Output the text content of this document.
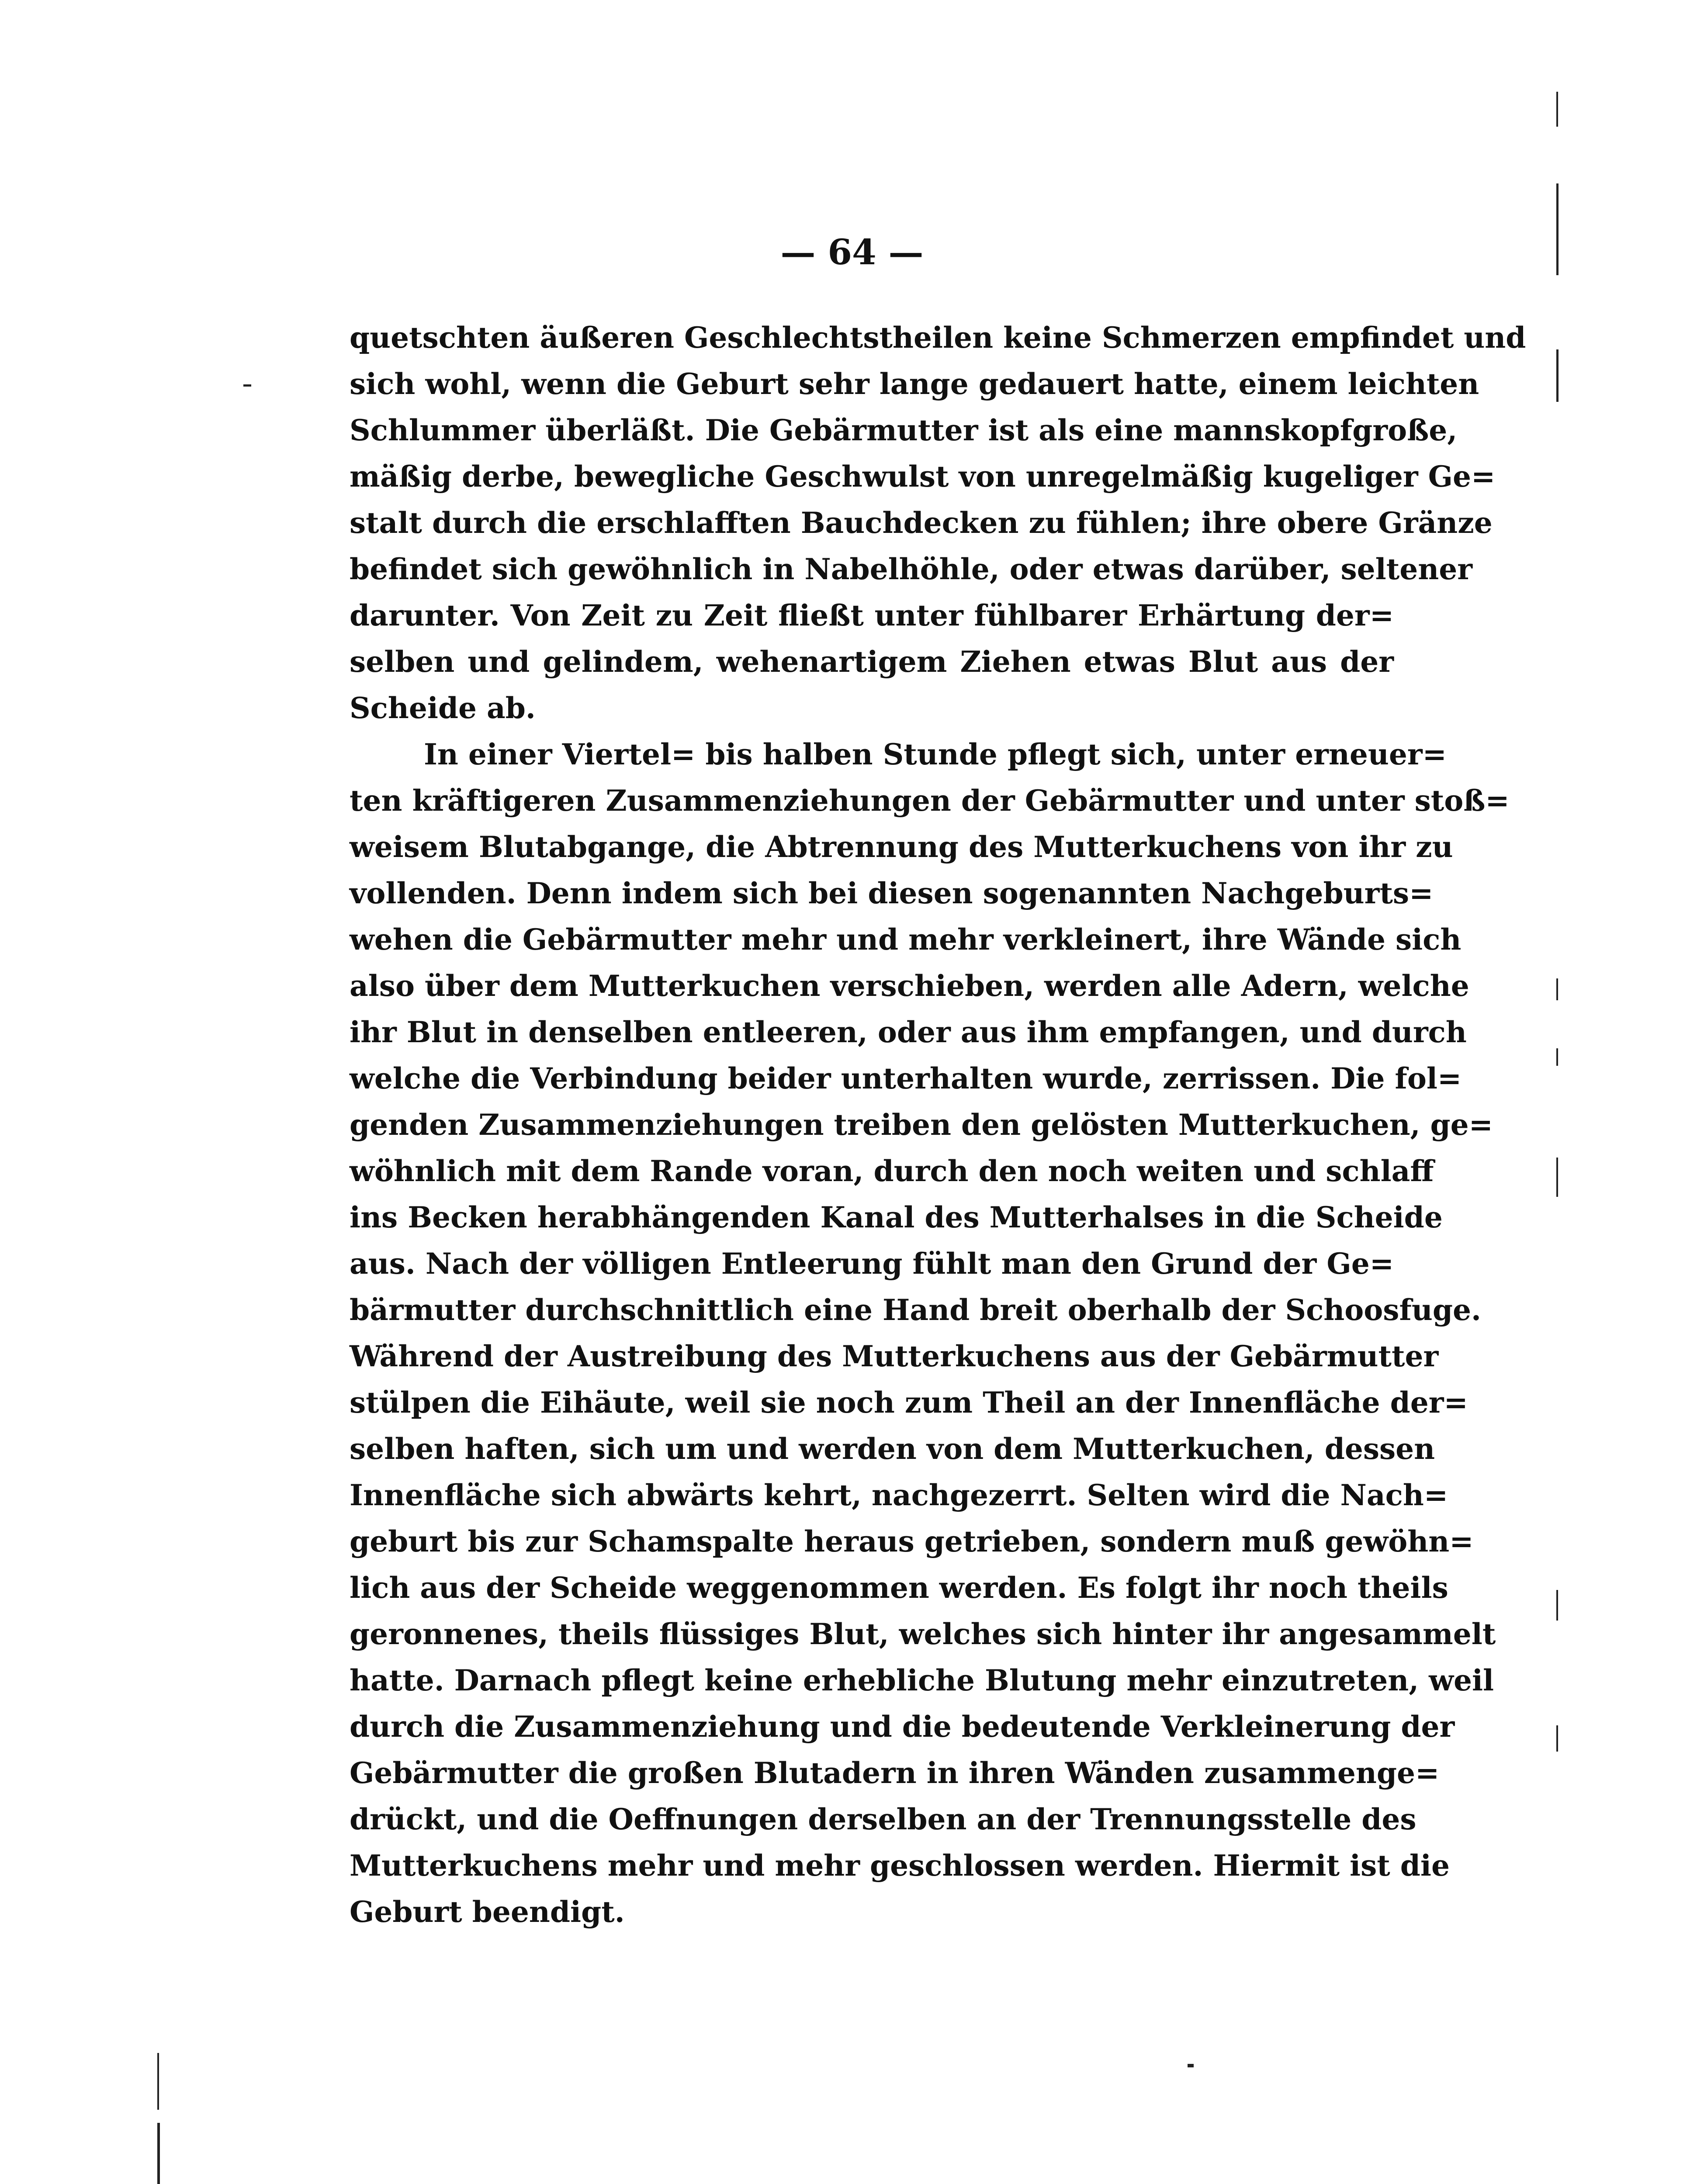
— 64 —
quetschten äußeren Geschlechtstheilen keine Schmerzen empfindet und
sich wohl, wenn die Geburt sehr lange gedauert hatte, einem leichten
Schlummer überläßt. Die Gebärmutter ist als eine mannskopfgroße,
mäßig derbe, bewegliche Geschwulst von unregelmäßig kugeliger Ge=
stalt durch die erschlafften Bauchdecken zu fühlen; ihre obere Gränze
befindet sich gewöhnlich in Nabelhöhle, oder etwas darüber, seltener
darunter. Von Zeit zu Zeit fließt unter fühlbarer Erhärtung der=
selben und gelindem, wehenartigem Ziehen etwas Blut aus der
Scheide ab.
In einer Viertel= bis halben Stunde pflegt sich, unter erneuer=
ten kräftigeren Zusammenziehungen der Gebärmutter und unter stoß=
weisem Blutabgange, die Abtrennung des Mutterkuchens von ihr zu
vollenden. Denn indem sich bei diesen sogenannten Nachgeburts=
wehen die Gebärmutter mehr und mehr verkleinert, ihre Wände sich
also über dem Mutterkuchen verschieben, werden alle Adern, welche
ihr Blut in denselben entleeren, oder aus ihm empfangen, und durch
welche die Verbindung beider unterhalten wurde, zerrissen. Die fol=
genden Zusammenziehungen treiben den gelösten Mutterkuchen, ge=
wöhnlich mit dem Rande voran, durch den noch weiten und schlaff
ins Becken herabhängenden Kanal des Mutterhalses in die Scheide
aus. Nach der völligen Entleerung fühlt man den Grund der Ge=
bärmutter durchschnittlich eine Hand breit oberhalb der Schoosfuge.
Während der Austreibung des Mutterkuchens aus der Gebärmutter
stülpen die Eihäute, weil sie noch zum Theil an der Innenfläche der=
selben haften, sich um und werden von dem Mutterkuchen, dessen
Innenfläche sich abwärts kehrt, nachgezerrt. Selten wird die Nach=
geburt bis zur Schamspalte heraus getrieben, sondern muß gewöhn=
lich aus der Scheide weggenommen werden. Es folgt ihr noch theils
geronnenes, theils flüssiges Blut, welches sich hinter ihr angesammelt
hatte. Darnach pflegt keine erhebliche Blutung mehr einzutreten, weil
durch die Zusammenziehung und die bedeutende Verkleinerung der
Gebärmutter die großen Blutadern in ihren Wänden zusammenge=
drückt, und die Oeffnungen derselben an der Trennungsstelle des
Mutterkuchens mehr und mehr geschlossen werden. Hiermit ist die
Geburt beendigt.
